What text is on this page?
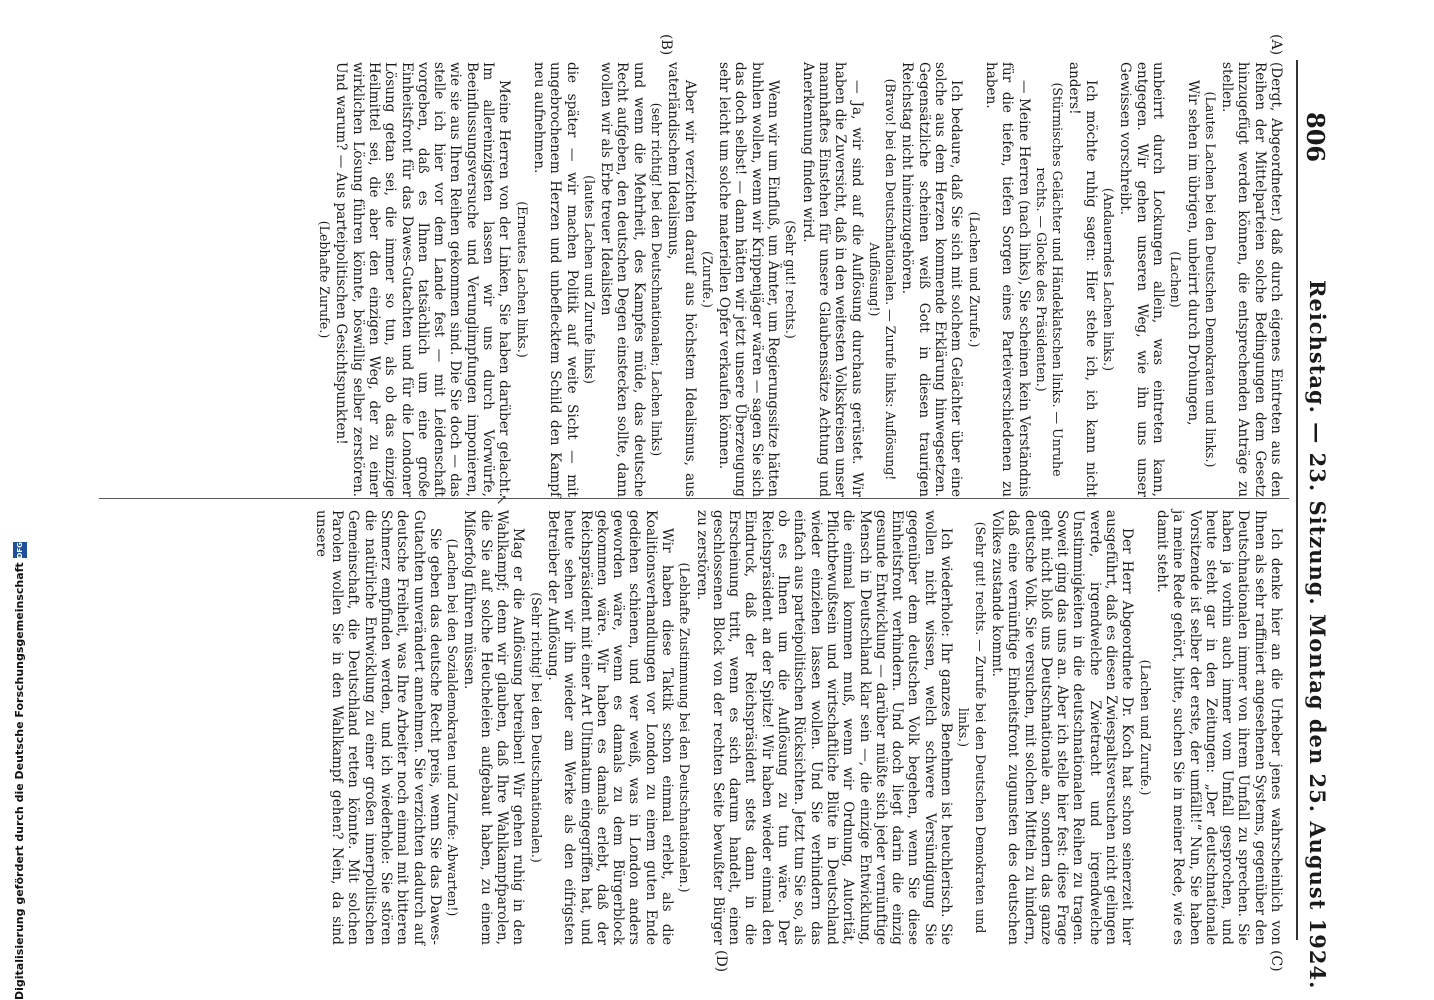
806
Reichstag. — 23. Sitzung. Montag den 25. August 1924.
(A)
(B)
(C)
(D)

(Dergt, Abgeordneter.) daß durch eigenes Eintreten aus den Reihen der Mittelparteien solche Bedingungen dem Gesetz hinzugefügt werden können, die entsprechenden Anträge zu stellen.

(Lautes Lachen bei den Deutschen Demokraten und links.)

Wir sehen im übrigen, unbeirrt durch Drohungen,

(Lachen)

unbeirrt durch Lockungen allein, was eintreten kann, entgegen. Wir gehen unseren Weg, wie ihn uns unser Gewissen vorschreibt.

(Andauerndes Lachen links.)

Ich möchte ruhig sagen: Hier stehe ich, ich kann nicht anders!

(Stürmisches Gelächter und Händeklatschen links. — Unruhe rechts. — Glocke des Präsidenten.)

— Meine Herren (nach links), Sie scheinen kein Verständnis für die tiefen, tiefen Sorgen eines Parteiverschiedenen zu haben.

(Lachen und Zurufe.)

Ich bedaure, daß Sie sich mit solchem Gelächter über eine solche aus dem Herzen kommende Erklärung hinwegsetzen. Gegensätzliche scheinen weiß Gott in diesen traurigen Reichstag nicht hineinzugehören.

(Bravo! bei den Deutschnationalen. — Zurufe links: Auflösung! Auflösung!)

— Ja, wir sind auf die Auflösung durchaus gerüstet. Wir haben die Zuversicht, daß in den weitesten Volkskreisen unser mannhaftes Einstehen für unsere Glaubenssätze Achtung und Anerkennung finden wird.

(Sehr gut! rechts.)

Wenn wir um Einfluß, um Ämter, um Regierungssitze hätten buhlen wollen, wenn wir Krippenjäger wären — sagen Sie sich das doch selbst! — dann hätten wir jetzt unsere Überzeugung sehr leicht um solche materiellen Opfer verkaufen können.

(Zurufe.)

Aber wir verzichten darauf aus höchstem Idealismus, aus vaterländischem Idealismus,

(sehr richtig! bei den Deutschnationalen; Lachen links)

und wenn die Mehrheit, des Kampfes müde, das deutsche Recht aufgeben, den deutschen Degen einstecken sollte, dann wollen wir als Erbe treuer Idealisten

(lautes Lachen und Zurufe links)

die später — wir machen Politik auf weite Sicht — mit ungebrochenem Herzen und unbeflecktem Schild den Kampf neu aufnehmen.

(Erneutes Lachen links.)

Meine Herren von der Linken, Sie haben darüber gelacht. Im allereinzigsten lassen wir uns durch Vorwürfe, Beeinflussungsversuche und Verunglimpfungen imponieren, wie sie aus Ihren Reihen gekommen sind. Die Sie doch — das stelle ich hier vor dem Lande fest — mit Leidenschaft vorgeben, daß es Ihnen tatsächlich um eine große Einheitsfront für das Dawes-Gutachten und für die Londoner Lösung getan sei, die immer so tun, als ob das einzige Heilmittel sei, die aber den einzigen Weg, der zu einer wirklichen Lösung führen könnte, böswillig selber zerstören. Und warum? — Aus parteipolitischen Gesichtspunkten!

(Lebhafte Zurufe.)

Ich denke hier an die Urheber jenes wahrscheinlich von Ihnen als sehr raffiniert angesehenen Systems, gegenüber den Deutschnationalen immer von ihrem Umfall zu sprechen. Sie haben ja vorhin auch immer vom Umfall gesprochen, und heute steht gar in den Zeitungen: „Der deutschnationale Vorsitzende ist selber der erste, der umfällt!“ Nun, Sie haben ja meine Rede gehört, bitte, suchen Sie in meiner Rede, wie es damit steht.

(Lachen und Zurufe.)

Der Herr Abgeordnete Dr. Koch hat schon seinerzeit hier ausgeführt, daß es diesen Zwiespaltsversuchen nicht gelingen werde, irgendwelche Zwietracht und irgendwelche Unstimmigkeiten in die deutschnationalen Reihen zu tragen. Soweit ging das uns an. Aber ich stelle hier fest: diese Frage geht nicht bloß uns Deutschnationale an, sondern das ganze deutsche Volk. Sie versuchen, mit solchen Mitteln zu hindern, daß eine vernünftige Einheitsfront zugunsten des deutschen Volkes zustande kommt.

(Sehr gut! rechts. — Zurufe bei den Deutschen Demokraten und links.)

Ich wiederhole: Ihr ganzes Benehmen ist heuchlerisch. Sie wollen nicht wissen, welch schwere Versündigung Sie gegenüber dem deutschen Volk begehen, wenn Sie diese Einheitsfront verhindern. Und doch liegt darin die einzig gesunde Entwicklung — darüber müßte sich jeder vernünftige Mensch in Deutschland klar sein —, die einzige Entwicklung, die einmal kommen muß, wenn wir Ordnung, Autorität, Pflichtbewußtsein und wirtschaftliche Blüte in Deutschland wieder einziehen lassen wollen. Und Sie verhindern das einfach aus parteipolitischen Rücksichten. Jetzt tun Sie so, als ob es Ihnen um die Auflösung zu tun wäre. Der Reichspräsident an der Spitze! Wir haben wieder einmal den Eindruck, daß der Reichspräsident stets dann in die Erscheinung tritt, wenn es sich darum handelt, einen geschlossenen Block von der rechten Seite bewußter Bürger zu zerstören.

(Lebhafte Zustimmung bei den Deutschnationalen.)

Wir haben diese Taktik schon einmal erlebt, als die Koalitionsverhandlungen vor London zu einem guten Ende gediehen schienen, und wer weiß, was in London anders geworden wäre, wenn es damals zu dem Bürgerblock gekommen wäre. Wir haben es damals erlebt, daß der Reichspräsident mit einer Art Ultimatum eingegriffen hat, und heute sehen wir ihn wieder am Werke als den eifrigsten Betreiber der Auflösung.

(Sehr richtig! bei den Deutschnationalen.)

Mag er die Auflösung betreiben! Wir gehen ruhig in den Wahlkampf; denn wir glauben, daß Ihre Wahlkampfparolen, die Sie auf solche Heucheleien aufgebaut haben, zu einem Mißerfolg führen müssen.

(Lachen bei den Sozialdemokraten und Zurufe: Abwarten!)

Sie geben das deutsche Recht preis, wenn Sie das Dawes-Gutachten unverändert annehmen. Sie verzichten dadurch auf deutsche Freiheit, was Ihre Arbeiter noch einmal mit bitteren Schmerz empfinden werden, und ich wiederhole: Sie stören die natürliche Entwicklung zu einer großen innerpolitischen Gemeinschaft, die Deutschland retten könnte. Mit solchen Parolen wollen Sie in den Wahlkampf gehen? Nein, da sind unsere

↖
Digitalisierung gefördert durch die Deutsche Forschungsgemeinschaft DFG
